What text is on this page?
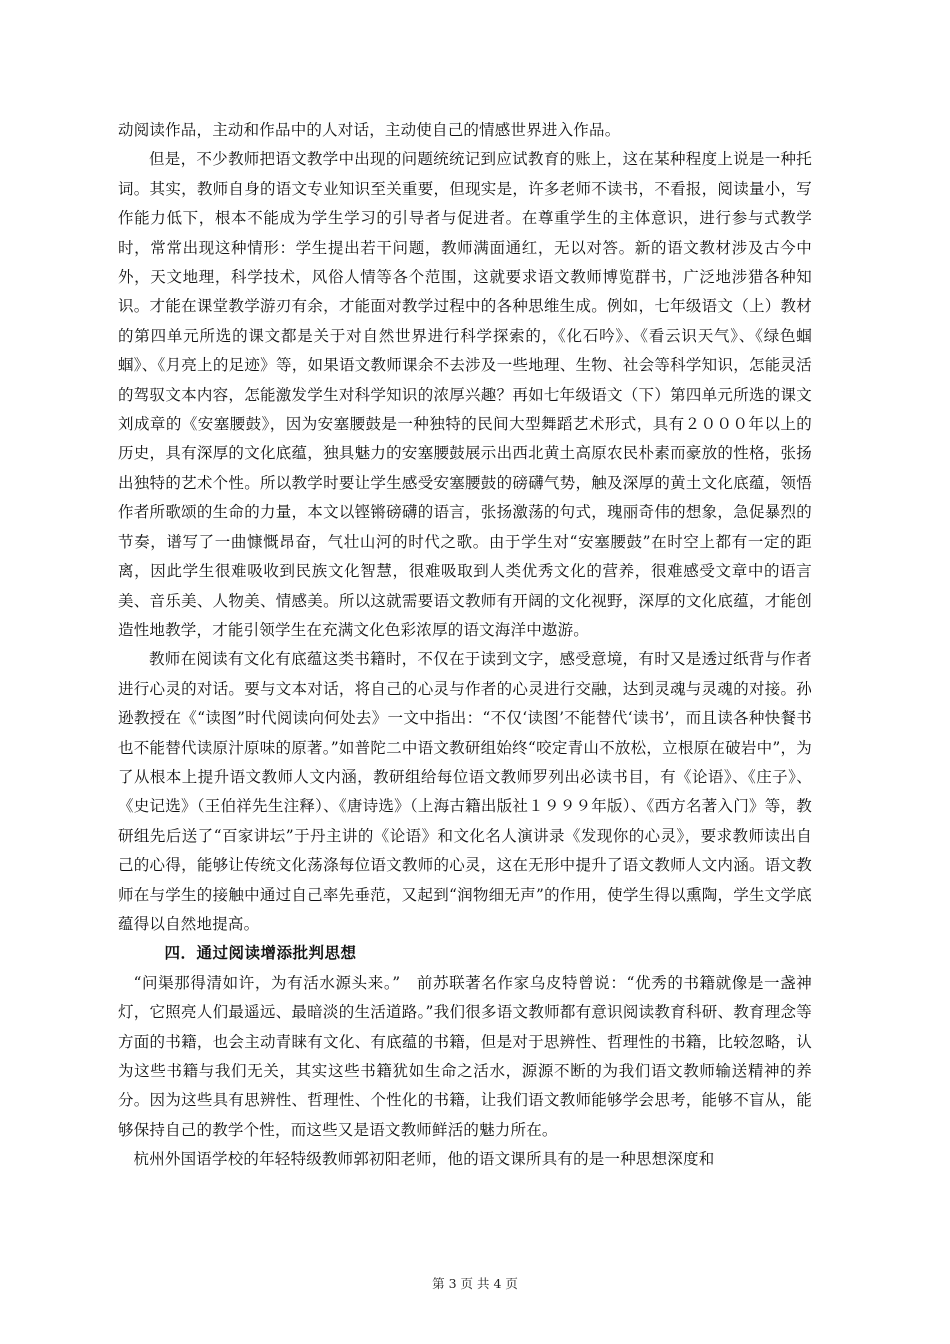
动阅读作品，主动和作品中的人对话，主动使自己的情感世界进入作品。

但是，不少教师把语文教学中出现的问题统统记到应试教育的账上，这在某种程度上说是一种托词。其实，教师自身的语文专业知识至关重要，但现实是，许多老师不读书，不看报，阅读量小，写作能力低下，根本不能成为学生学习的引导者与促进者。在尊重学生的主体意识，进行参与式教学时，常常出现这种情形：学生提出若干问题，教师满面通红，无以对答。新的语文教材涉及古今中外，天文地理，科学技术，风俗人情等各个范围，这就要求语文教师博览群书，广泛地涉猎各种知识。才能在课堂教学游刃有余，才能面对教学过程中的各种思维生成。例如，七年级语文（上）教材的第四单元所选的课文都是关于对自然世界进行科学探索的，《化石吟》、《看云识天气》、《绿色蝈蝈》、《月亮上的足迹》等，如果语文教师课余不去涉及一些地理、生物、社会等科学知识，怎能灵活的驾驭文本内容，怎能激发学生对科学知识的浓厚兴趣？再如七年级语文（下）第四单元所选的课文刘成章的《安塞腰鼓》，因为安塞腰鼓是一种独特的民间大型舞蹈艺术形式，具有２０００年以上的历史，具有深厚的文化底蕴，独具魅力的安塞腰鼓展示出西北黄土高原农民朴素而豪放的性格，张扬出独特的艺术个性。所以教学时要让学生感受安塞腰鼓的磅礴气势，触及深厚的黄土文化底蕴，领悟作者所歌颂的生命的力量，本文以铿锵磅礴的语言，张扬激荡的句式，瑰丽奇伟的想象，急促暴烈的节奏，谱写了一曲慷慨昂奋，气壮山河的时代之歌。由于学生对“安塞腰鼓”在时空上都有一定的距离，因此学生很难吸收到民族文化智慧，很难吸取到人类优秀文化的营养，很难感受文章中的语言美、音乐美、人物美、情感美。所以这就需要语文教师有开阔的文化视野，深厚的文化底蕴，才能创造性地教学，才能引领学生在充满文化色彩浓厚的语文海洋中遨游。

教师在阅读有文化有底蕴这类书籍时，不仅在于读到文字，感受意境，有时又是透过纸背与作者进行心灵的对话。要与文本对话，将自己的心灵与作者的心灵进行交融，达到灵魂与灵魂的对接。孙逊教授在《“读图”时代阅读向何处去》一文中指出：“不仅‘读图’不能替代‘读书’，而且读各种快餐书也不能替代读原汁原味的原著。”如普陀二中语文教研组始终“咬定青山不放松，立根原在破岩中”，为了从根本上提升语文教师人文内涵，教研组给每位语文教师罗列出必读书目，有《论语》、《庄子》、《史记选》（王伯祥先生注释）、《唐诗选》（上海古籍出版社１９９９年版）、《西方名著入门》等，教研组先后送了“百家讲坛”于丹主讲的《论语》和文化名人演讲录《发现你的心灵》，要求教师读出自己的心得，能够让传统文化荡涤每位语文教师的心灵，这在无形中提升了语文教师人文内涵。语文教师在与学生的接触中通过自己率先垂范，又起到“润物细无声”的作用，使学生得以熏陶，学生文学底蕴得以自然地提高。

四．通过阅读增添批判思想

“问渠那得清如许，为有活水源头来。”　前苏联著名作家乌皮特曾说：“优秀的书籍就像是一盏神灯，它照亮人们最遥远、最暗淡的生活道路。”我们很多语文教师都有意识阅读教育科研、教育理念等方面的书籍，也会主动青睐有文化、有底蕴的书籍，但是对于思辨性、哲理性的书籍，比较忽略，认为这些书籍与我们无关，其实这些书籍犹如生命之活水，源源不断的为我们语文教师输送精神的养分。因为这些具有思辨性、哲理性、个性化的书籍，让我们语文教师能够学会思考，能够不盲从，能够保持自己的教学个性，而这些又是语文教师鲜活的魅力所在。

杭州外国语学校的年轻特级教师郭初阳老师，他的语文课所具有的是一种思想深度和

第 3 页 共 4 页
